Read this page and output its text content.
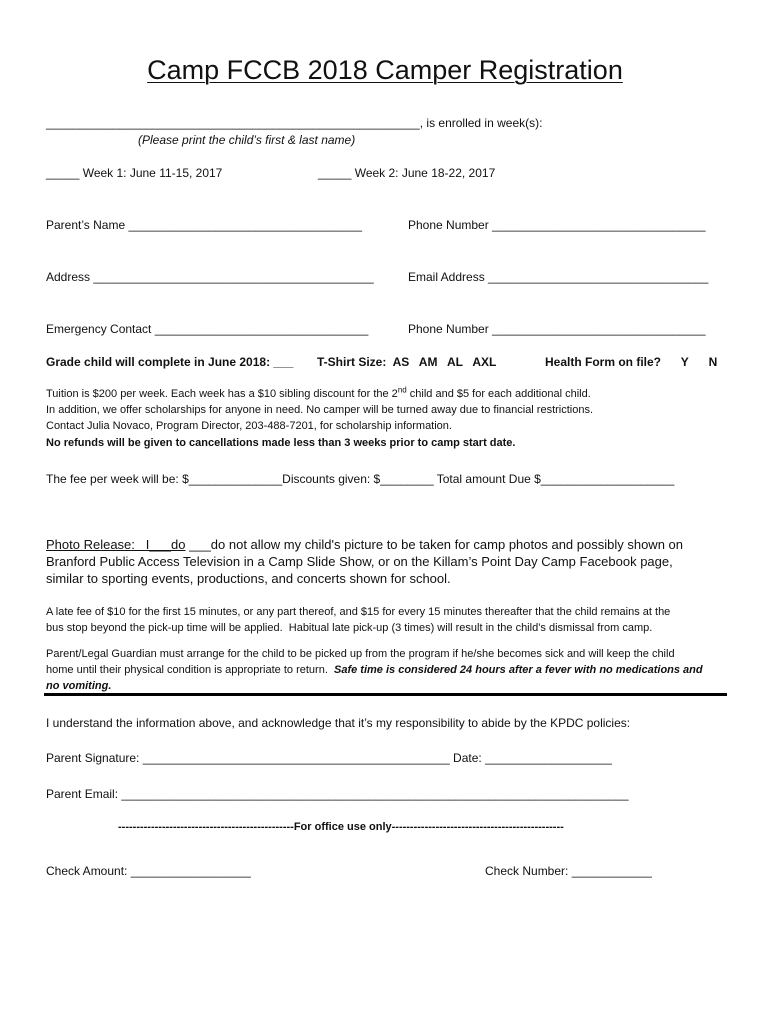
Camp FCCB 2018 Camper Registration
________________________________________________________, is enrolled in week(s):
(Please print the child’s first & last name)
_____ Week 1: June 11-15, 2017	_____ Week 2: June 18-22, 2017
Parent’s Name ___________________________________	Phone Number ________________________________
Address __________________________________________	Email Address _________________________________
Emergency Contact ________________________________	Phone Number ________________________________
Grade child will complete in June 2018: ___ T-Shirt Size:  AS   AM   AL   AXL	Health Form on file?      Y      N
Tuition is $200 per week. Each week has a $10 sibling discount for the 2nd child and $5 for each additional child.
In addition, we offer scholarships for anyone in need. No camper will be turned away due to financial restrictions.
Contact Julia Novaco, Program Director, 203-488-7201, for scholarship information.
No refunds will be given to cancellations made less than 3 weeks prior to camp start date.
The fee per week will be: $______________Discounts given: $________ Total amount Due $____________________
Photo Release:   I___do ___do not allow my child's picture to be taken for camp photos and possibly shown on
Branford Public Access Television in a Camp Slide Show, or on the Killam’s Point Day Camp Facebook page,
similar to sporting events, productions, and concerts shown for school.
A late fee of $10 for the first 15 minutes, or any part thereof, and $15 for every 15 minutes thereafter that the child remains at the
bus stop beyond the pick-up time will be applied.  Habitual late pick-up (3 times) will result in the child’s dismissal from camp.
Parent/Legal Guardian must arrange for the child to be picked up from the program if he/she becomes sick and will keep the child
home until their physical condition is appropriate to return.  Safe time is considered 24 hours after a fever with no medications and
no vomiting.
I understand the information above, and acknowledge that it’s my responsibility to abide by the KPDC policies:
Parent Signature: ______________________________________________ Date: ___________________
Parent Email: ____________________________________________________________________________
------------------------------------------------For office use only-----------------------------------------------
Check Amount: __________________	Check Number: ____________
